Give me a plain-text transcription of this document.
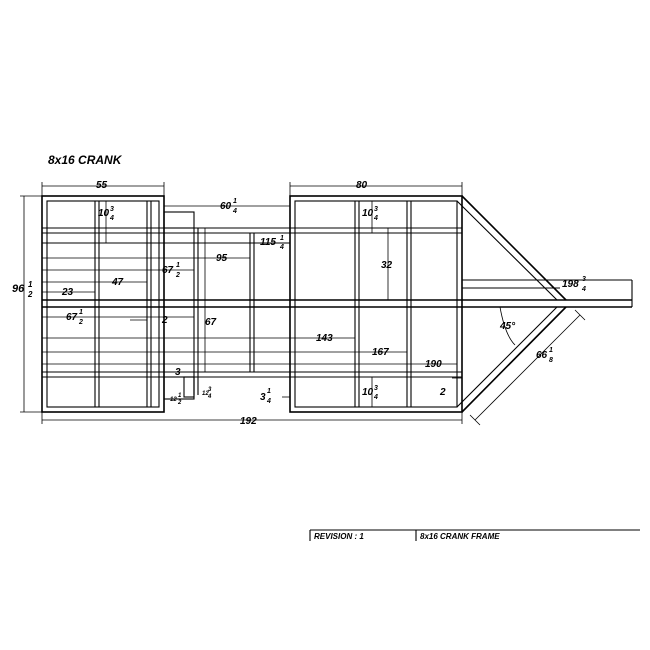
8x16 CRANK
55	80
96 1
2
60 1
4
10 3
4	10 3
4
115 1
4
95
32
67 1
2
47
23
198 3
4
67 1
2	2	67	45°
143
66 1
8
167
190
3
2
3
1
4
10 3
4
12
1
2
12
3
4
192
REVISION : 1	8x16 CRANK FRAME
